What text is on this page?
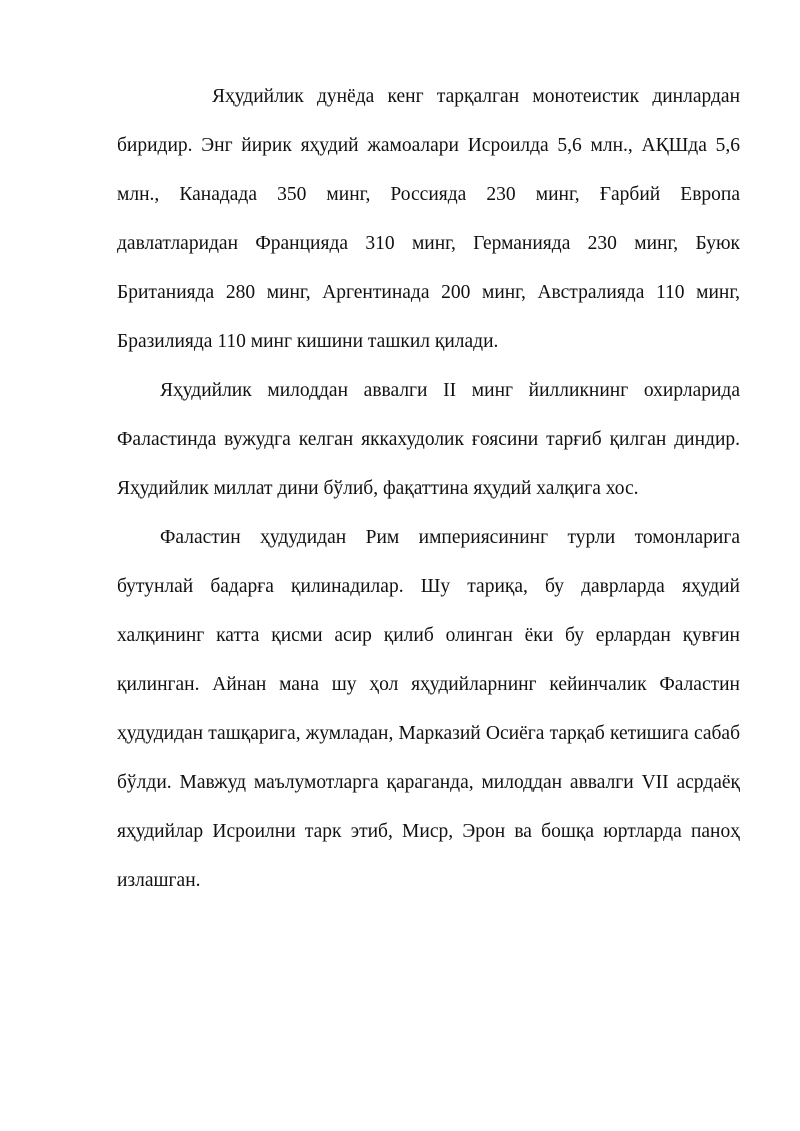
Яҳудийлик дунёда кенг тарқалган монотеистик динлардан биридир. Энг йирик яҳудий жамоалари Исроилда 5,6 млн., АҚШда 5,6 млн., Канадада 350 минг, Россияда 230 минг, Ғарбий Европа давлатларидан Францияда 310 минг, Германияда 230 минг, Буюк Британияда 280 минг, Аргентинада 200 минг, Австралияда 110 минг, Бразилияда 110 минг кишини ташкил қилади.

Яҳудийлик милоддан аввалги II минг йилликнинг охирларида Фаластинда вужудга келган яккахудолик ғоясини тарғиб қилган диндир. Яҳудийлик миллат дини бўлиб, фақаттина яҳудий халқига хос.

Фаластин ҳудудидан Рим империясининг турли томонларига бутунлай бадарға қилинадилар. Шу тариқа, бу даврларда яҳудий халқининг катта қисми асир қилиб олинган ёки бу ерлардан қувғин қилинган. Айнан мана шу ҳол яҳудийларнинг кейинчалик Фаластин ҳудудидан ташқарига, жумладан, Марказий Осиёга тарқаб кетишига сабаб бўлди. Мавжуд маълумотларга қараганда, милоддан аввалги VII асрдаёқ яҳудийлар Исроилни тарк этиб, Миср, Эрон ва бошқа юртларда паноҳ излашган.
